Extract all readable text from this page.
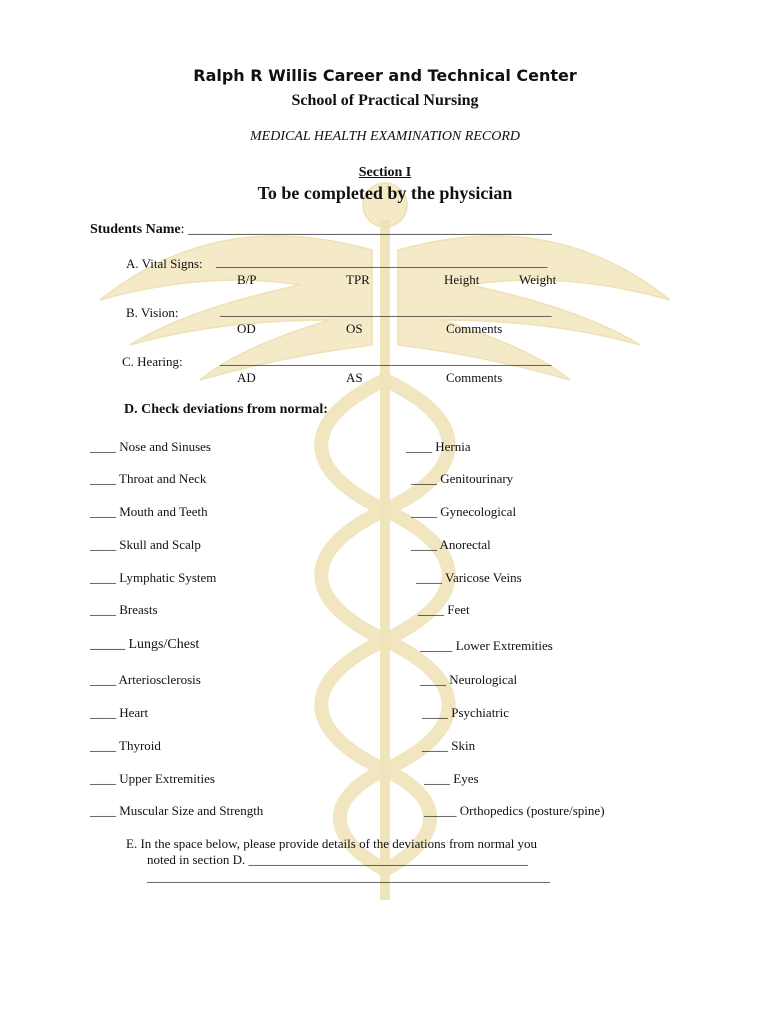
Ralph R Willis Career and Technical Center
School of Practical Nursing
MEDICAL HEALTH EXAMINATION RECORD
Section I
To be completed by the physician
Students Name: ____________________________________________________
A. Vital Signs: ___________________________________________________
B/P	TPR	Height	Weight
B. Vision:	___________________________________________________
OD	OS	Comments
C. Hearing:	___________________________________________________
AD	AS	Comments
D. Check deviations from normal:
____ Nose and Sinuses
____ Throat and Neck
____ Mouth and Teeth
____ Skull and Scalp
____ Lymphatic System
____ Breasts
_____ Lungs/Chest
____ Arteriosclerosis
____ Heart
____ Thyroid
____ Upper Extremities
____ Muscular Size and Strength
____ Hernia
____ Genitourinary
____ Gynecological
____ Anorectal
____ Varicose Veins
____ Feet
_____ Lower Extremities
____ Neurological
____ Psychiatric
____ Skin
____ Eyes
_____ Orthopedics (posture/spine)
E. In the space below, please provide details of the deviations from normal you
noted in section D. ___________________________________________
______________________________________________________________
